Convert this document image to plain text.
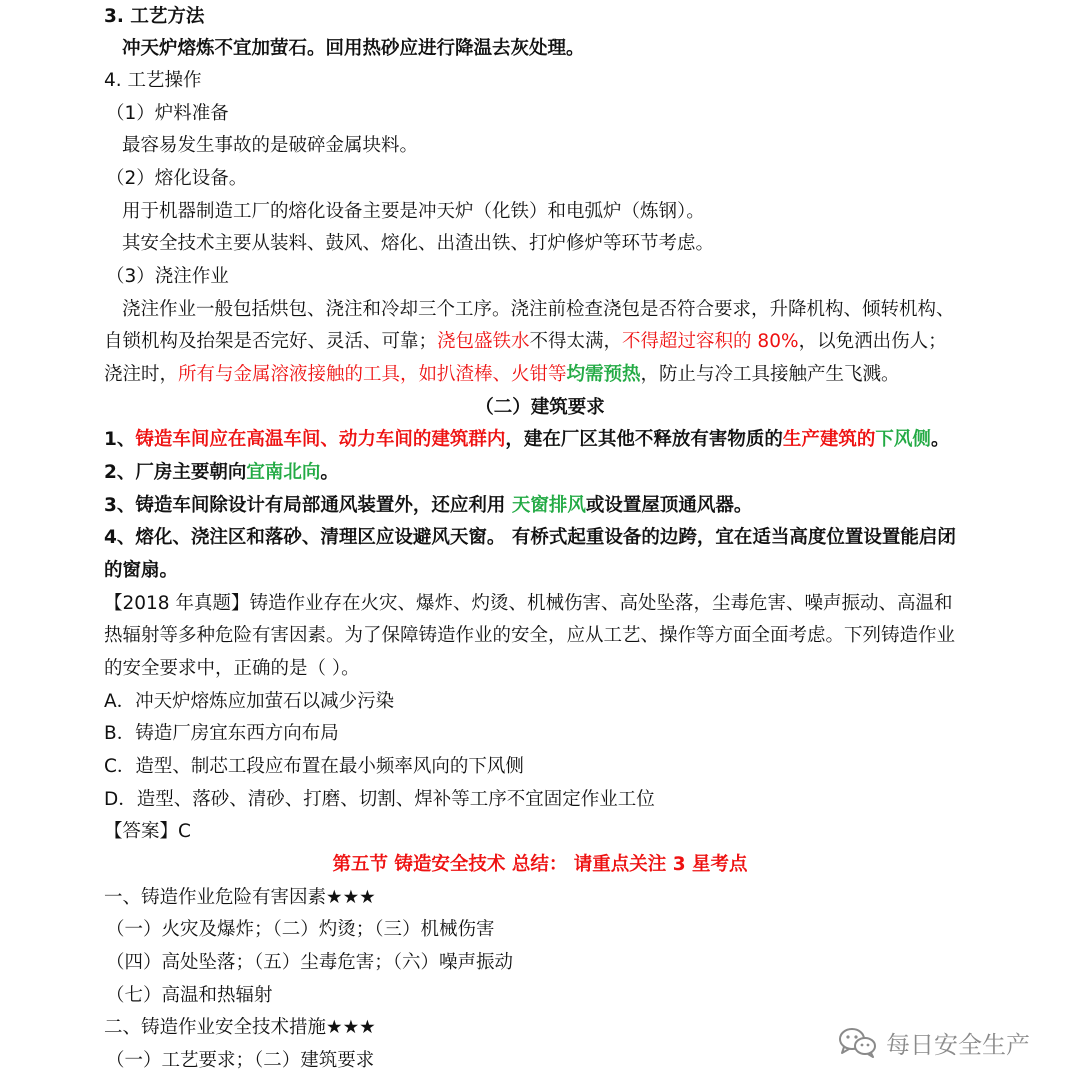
3. 工艺方法
冲天炉熔炼不宜加萤石。回用热砂应进行降温去灰处理。
4. 工艺操作
（1）炉料准备
最容易发生事故的是破碎金属块料。
（2）熔化设备。
用于机器制造工厂的熔化设备主要是冲天炉（化铁）和电弧炉（炼钢）。
其安全技术主要从装料、鼓风、熔化、出渣出铁、打炉修炉等环节考虑。
（3）浇注作业
浇注作业一般包括烘包、浇注和冷却三个工序。浇注前检查浇包是否符合要求，升降机构、倾转机构、
自锁机构及抬架是否完好、灵活、可靠；浇包盛铁水不得太满，不得超过容积的 80%，以免洒出伤人；
浇注时，所有与金属溶液接触的工具，如扒渣棒、火钳等均需预热，防止与冷工具接触产生飞溅。
（二）建筑要求
1、铸造车间应在高温车间、动力车间的建筑群内，建在厂区其他不释放有害物质的生产建筑的下风侧。
2、厂房主要朝向宜南北向。
3、铸造车间除设计有局部通风装置外，还应利用 天窗排风或设置屋顶通风器。
4、熔化、浇注区和落砂、清理区应设避风天窗。 有桥式起重设备的边跨，宜在适当高度位置设置能启闭
的窗扇。
【2018 年真题】铸造作业存在火灾、爆炸、灼烫、机械伤害、高处坠落，尘毒危害、噪声振动、高温和
热辐射等多种危险有害因素。为了保障铸造作业的安全，应从工艺、操作等方面全面考虑。下列铸造作业
的安全要求中，正确的是（ ）。
A．冲天炉熔炼应加萤石以减少污染
B．铸造厂房宜东西方向布局
C．造型、制芯工段应布置在最小频率风向的下风侧
D．造型、落砂、清砂、打磨、切割、焊补等工序不宜固定作业工位
【答案】C
第五节 铸造安全技术 总结： 请重点关注 3 星考点
一、铸造作业危险有害因素★★★
（一）火灾及爆炸；（二）灼烫；（三）机械伤害
（四）高处坠落；（五）尘毒危害；（六）噪声振动
（七）高温和热辐射
二、铸造作业安全技术措施★★★
（一）工艺要求；（二）建筑要求
每日安全生产
